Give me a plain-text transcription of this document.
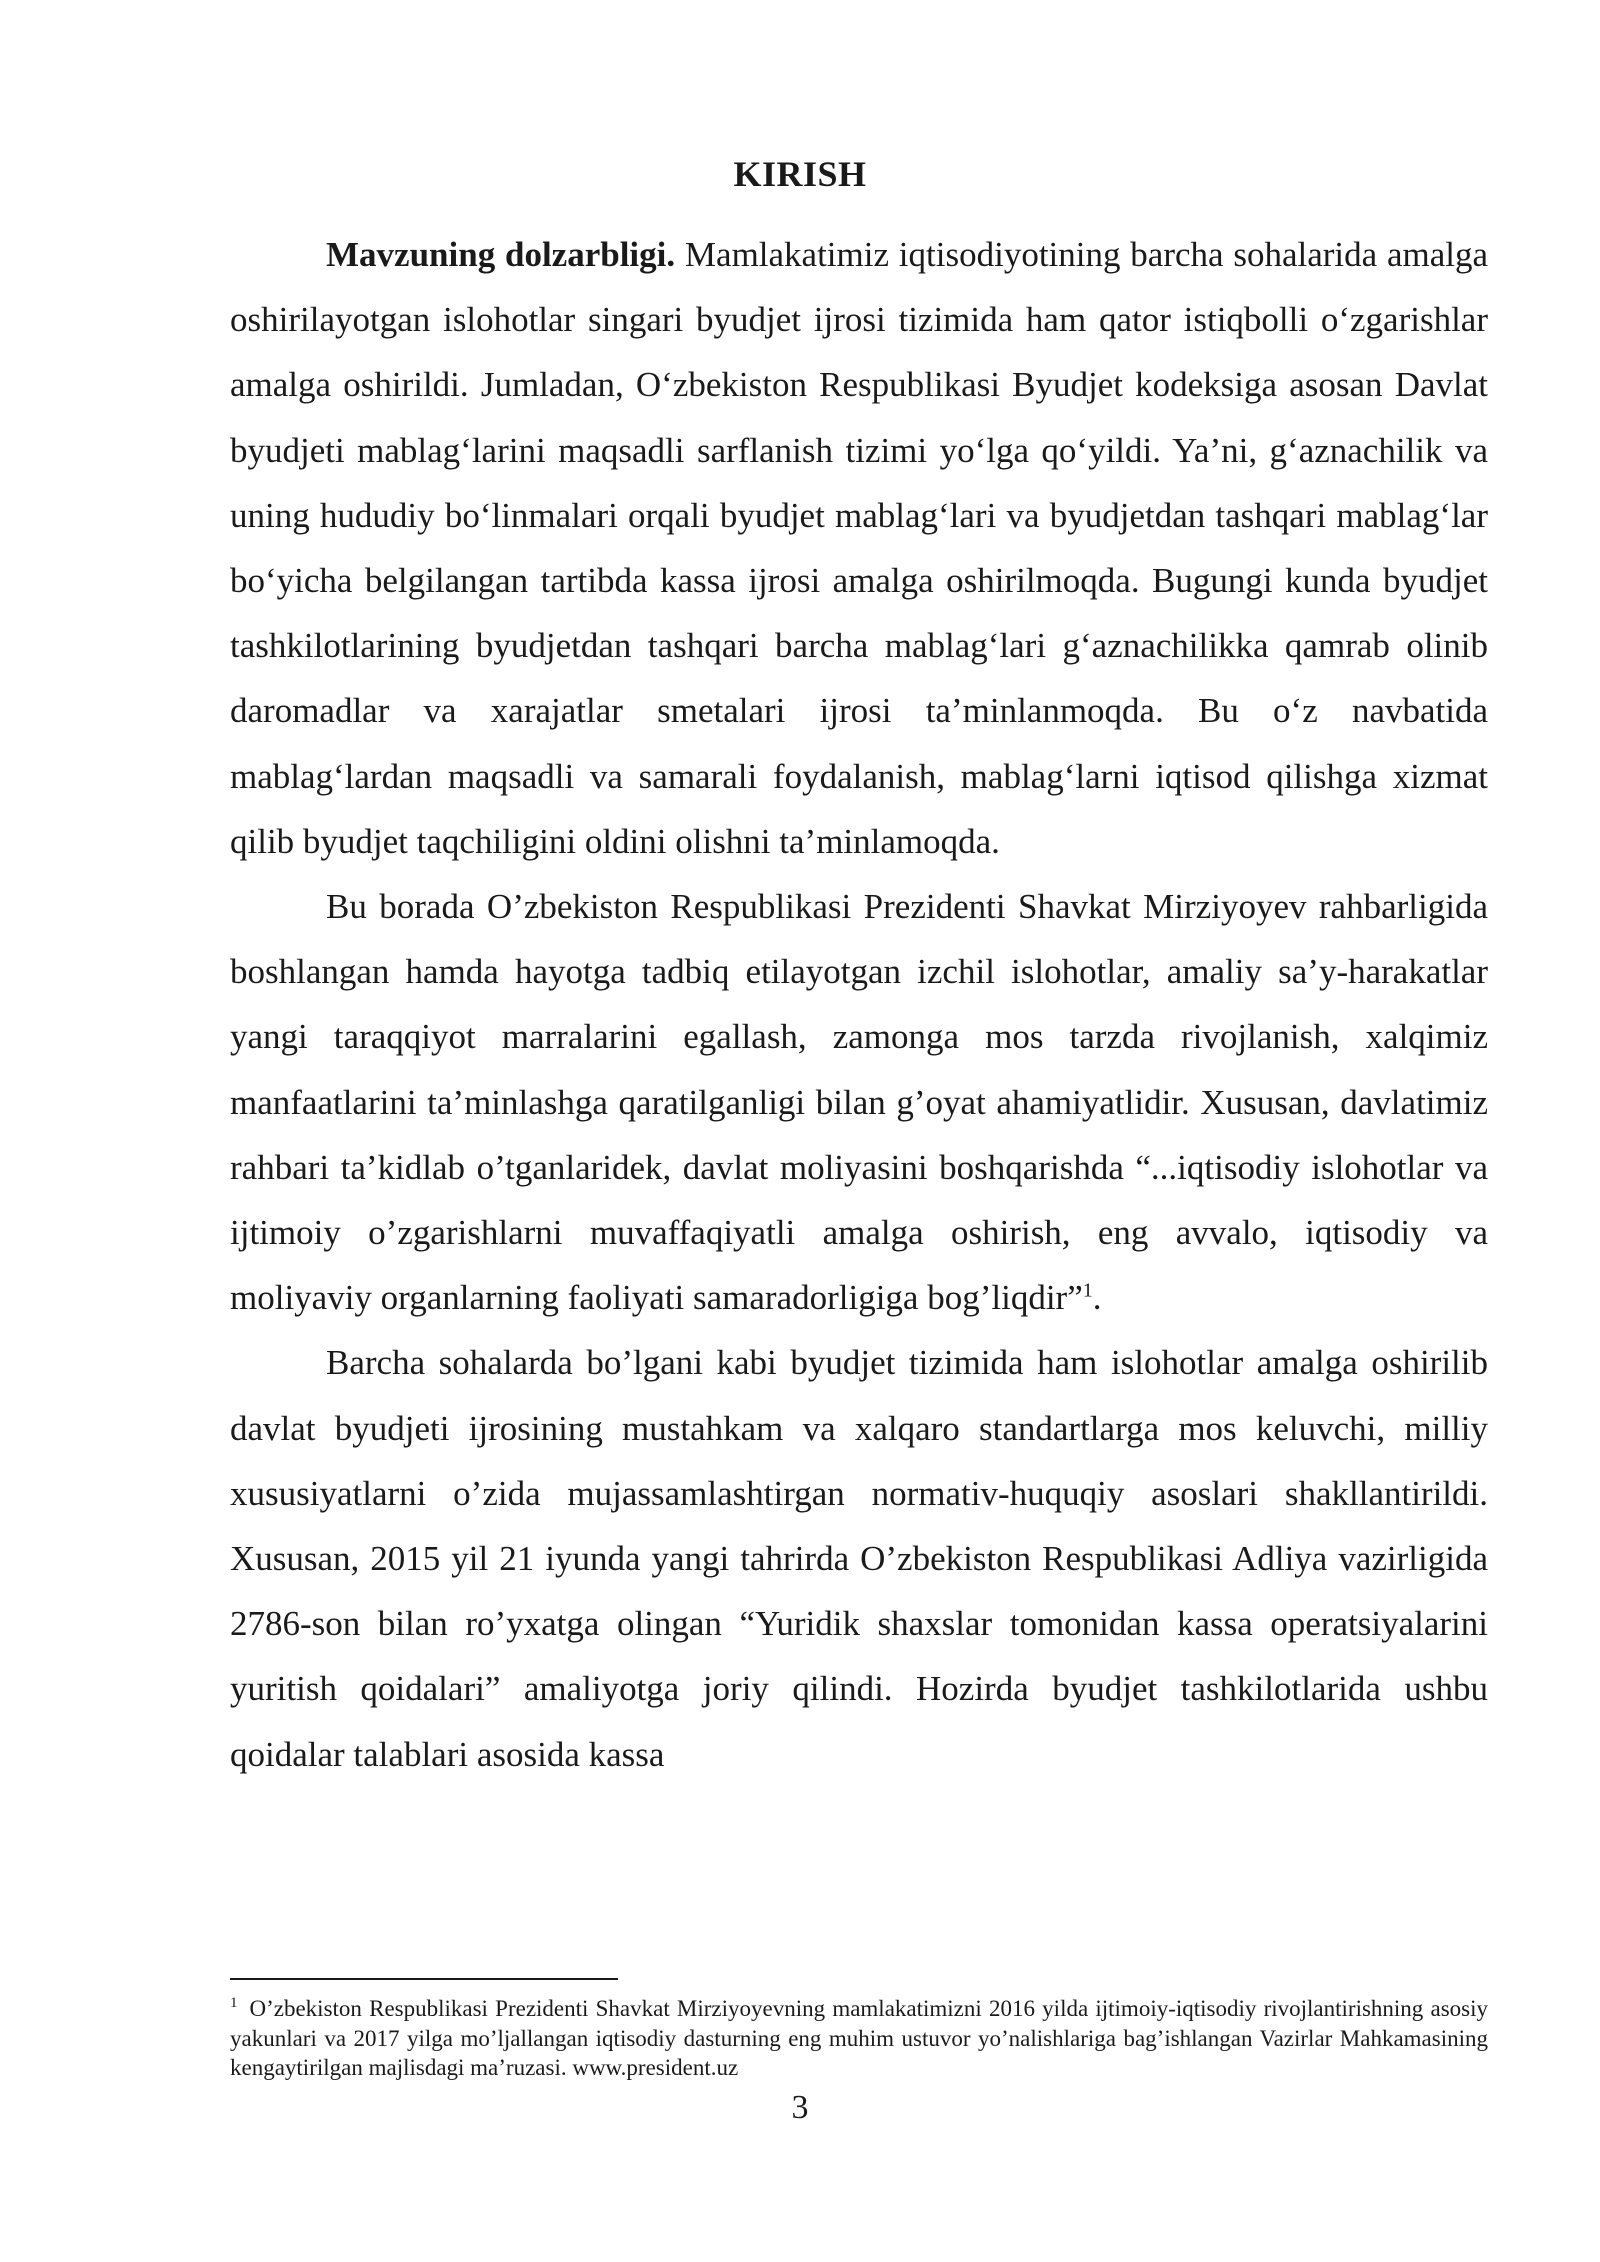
KIRISH

Mavzuning dolzarbligi. Mamlakatimiz iqtisodiyotining barcha sohalarida amalga oshirilayotgan islohotlar singari byudjet ijrosi tizimida ham qator istiqbolli o‘zgarishlar amalga oshirildi. Jumladan, O‘zbekiston Respublikasi Byudjet kodeksiga asosan Davlat byudjeti mablag‘larini maqsadli sarflanish tizimi yo‘lga qo‘yildi. Ya’ni, g‘aznachilik va uning hududiy bo‘linmalari orqali byudjet mablag‘lari va byudjetdan tashqari mablag‘lar bo‘yicha belgilangan tartibda kassa ijrosi amalga oshirilmoqda. Bugungi kunda byudjet tashkilotlarining byudjetdan tashqari barcha mablag‘lari g‘aznachilikka qamrab olinib daromadlar va xarajatlar smetalari ijrosi ta’minlanmoqda. Bu o‘z navbatida mablag‘lardan maqsadli va samarali foydalanish, mablag‘larni iqtisod qilishga xizmat qilib byudjet taqchiligini oldini olishni ta’minlamoqda.

Bu borada O’zbekiston Respublikasi Prezidenti Shavkat Mirziyoyev rahbarligida boshlangan hamda hayotga tadbiq etilayotgan izchil islohotlar, amaliy sa’y-harakatlar yangi taraqqiyot marralarini egallash, zamonga mos tarzda rivojlanish, xalqimiz manfaatlarini ta’minlashga qaratilganligi bilan g’oyat ahamiyatlidir. Xususan, davlatimiz rahbari ta’kidlab o’tganlaridek, davlat moliyasini boshqarishda “...iqtisodiy islohotlar va ijtimoiy o’zgarishlarni muvaffaqiyatli amalga oshirish, eng avvalo, iqtisodiy va moliyaviy organlarning faoliyati samaradorligiga bog’liqdir”$^1$.

Barcha sohalarda bo’lgani kabi byudjet tizimida ham islohotlar amalga oshirilib davlat byudjeti ijrosining mustahkam va xalqaro standartlarga mos keluvchi, milliy xususiyatlarni o’zida mujassamlashtirgan normativ-huquqiy asoslari shakllantirildi. Xususan, 2015 yil 21 iyunda yangi tahrirda O’zbekiston Respublikasi Adliya vazirligida 2786-son bilan ro’yxatga olingan “Yuridik shaxslar tomonidan kassa operatsiyalarini yuritish qoidalari” amaliyotga joriy qilindi. Hozirda byudjet tashkilotlarida ushbu qoidalar talablari asosida kassa

$^1$ O’zbekiston Respublikasi Prezidenti Shavkat Mirziyoyevning mamlakatimizni 2016 yilda ijtimoiy-iqtisodiy rivojlantirishning asosiy yakunlari va 2017 yilga mo’ljallangan iqtisodiy dasturning eng muhim ustuvor yo’nalishlariga bag’ishlangan Vazirlar Mahkamasining kengaytirilgan majlisdagi ma’ruzasi. www.president.uz

3
